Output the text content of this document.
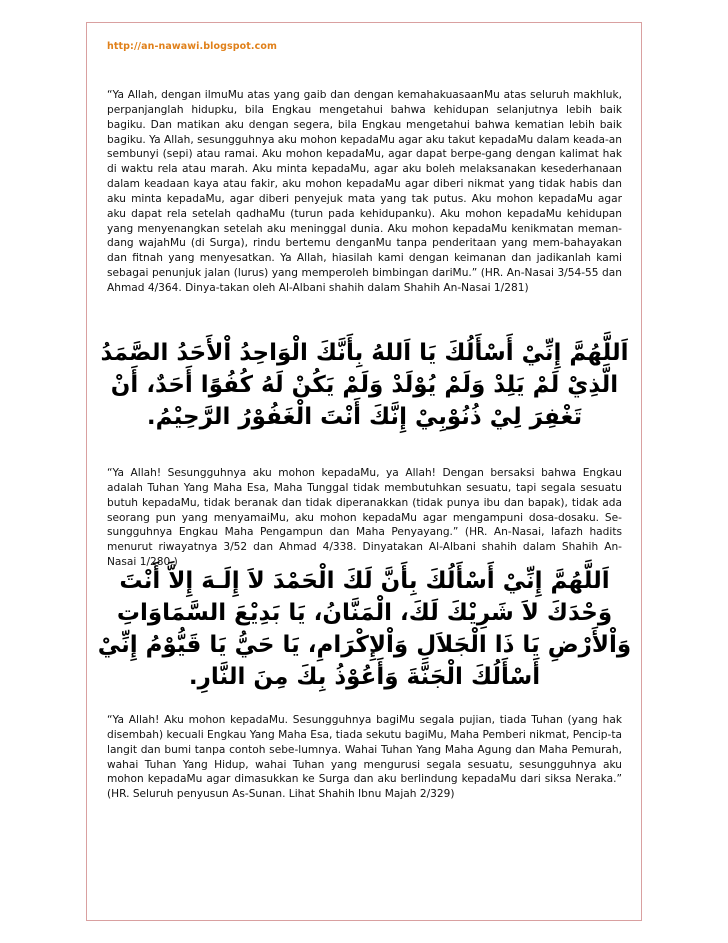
http://an-nawawi.blogspot.com

“Ya Allah, dengan ilmuMu atas yang gaib dan dengan kemahakuasaanMu atas seluruh makhluk, perpanjanglah hidupku, bila Engkau mengetahui bahwa kehidupan selanjutnya lebih baik bagiku. Dan matikan aku dengan segera, bila Engkau mengetahui bahwa kematian lebih baik bagiku. Ya Allah, sesungguhnya aku mohon kepadaMu agar aku takut kepadaMu dalam keada-an sembunyi (sepi) atau ramai. Aku mohon kepadaMu, agar dapat berpe-gang dengan kalimat hak di waktu rela atau marah. Aku minta kepadaMu, agar aku boleh melaksanakan kesederhanaan dalam keadaan kaya atau fakir, aku mohon kepadaMu agar diberi nikmat yang tidak habis dan aku minta kepadaMu, agar diberi penyejuk mata yang tak putus. Aku mohon kepadaMu agar aku dapat rela setelah qadhaMu (turun pada kehidupanku). Aku mohon kepadaMu kehidupan yang menyenangkan setelah aku meninggal dunia. Aku mohon kepadaMu kenikmatan meman-dang wajahMu (di Surga), rindu bertemu denganMu tanpa penderitaan yang mem-bahayakan dan fitnah yang menyesatkan. Ya Allah, hiasilah kami dengan keimanan dan jadikanlah kami sebagai penunjuk jalan (lurus) yang memperoleh bimbingan dariMu.” (HR. An-Nasai 3/54-55 dan Ahmad 4/364. Dinya-takan oleh Al-Albani shahih dalam Shahih An-Nasai 1/281)

اَللَّهُمَّ إِنِّيْ أَسْأَلُكَ يَا اَللهُ بِأَنَّكَ الْوَاحِدُ اْلأَحَدُ الصَّمَدُ الَّذِيْ لَمْ يَلِدْ وَلَمْ يُوْلَدْ وَلَمْ يَكُنْ لَهُ كُفُوًا أَحَدٌ، أَنْ تَغْفِرَ لِيْ ذُنُوْبِيْ إِنَّكَ أَنْتَ الْغَفُوْرُ الرَّحِيْمُ.

“Ya Allah! Sesungguhnya aku mohon kepadaMu, ya Allah! Dengan bersaksi bahwa Engkau adalah Tuhan Yang Maha Esa, Maha Tunggal tidak membutuhkan sesuatu, tapi segala sesuatu butuh kepadaMu, tidak beranak dan tidak diperanakkan (tidak punya ibu dan bapak), tidak ada seorang pun yang menyamaiMu, aku mohon kepadaMu agar mengampuni dosa-dosaku. Se-sungguhnya Engkau Maha Pengampun dan Maha Penyayang.” (HR. An-Nasai, lafazh hadits menurut riwayatnya 3/52 dan Ahmad 4/338. Dinyatakan Al-Albani shahih dalam Shahih An-Nasai 1/280.)

اَللَّهُمَّ إِنِّيْ أَسْأَلُكَ بِأَنَّ لَكَ الْحَمْدَ لاَ إِلَـهَ إِلاَّ أَنْتَ وَحْدَكَ لاَ شَرِيْكَ لَكَ، الْمَنَّانُ، يَا بَدِيْعَ السَّمَاوَاتِ وَاْلأَرْضِ يَا ذَا الْجَلاَلِ وَاْلإِكْرَامِ، يَا حَيُّ يَا قَيُّوْمُ إِنِّيْ أَسْأَلُكَ الْجَنَّةَ وَأَعُوْذُ بِكَ مِنَ النَّارِ.

“Ya Allah! Aku mohon kepadaMu. Sesungguhnya bagiMu segala pujian, tiada Tuhan (yang hak disembah) kecuali Engkau Yang Maha Esa, tiada sekutu bagiMu, Maha Pemberi nikmat, Pencip-ta langit dan bumi tanpa contoh sebe-lumnya. Wahai Tuhan Yang Maha Agung dan Maha Pemurah, wahai Tuhan Yang Hidup, wahai Tuhan yang mengurusi segala sesuatu, sesungguhnya aku mohon kepadaMu agar dimasukkan ke Surga dan aku berlindung kepadaMu dari siksa Neraka.” (HR. Seluruh penyusun As-Sunan. Lihat Shahih Ibnu Majah 2/329)
